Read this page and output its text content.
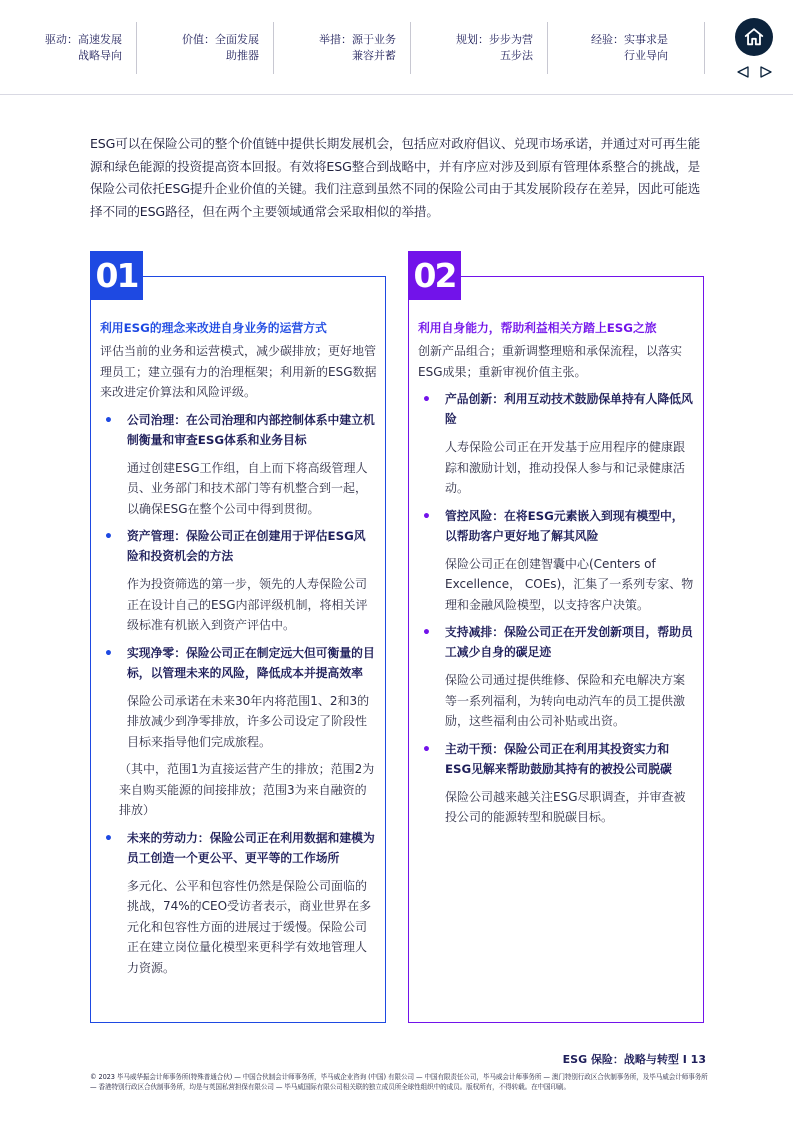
驱动：高速发展
战略导向
价值：全面发展
助推器
举措：源于业务
兼容并蓄
规划：步步为营
五步法
经验：实事求是
行业导向

ESG可以在保险公司的整个价值链中提供长期发展机会，包括应对政府倡议、兑现市场承诺，并通过对可再生能源和绿色能源的投资提高资本回报。有效将ESG整合到战略中，并有序应对涉及到原有管理体系整合的挑战，是保险公司依托ESG提升企业价值的关键。我们注意到虽然不同的保险公司由于其发展阶段存在差异，因此可能选择不同的ESG路径，但在两个主要领域通常会采取相似的举措。

01

利用ESG的理念来改进自身业务的运营方式

评估当前的业务和运营模式，减少碳排放；更好地管理员工；建立强有力的治理框架；利用新的ESG数据来改进定价算法和风险评级。

• 公司治理：在公司治理和内部控制体系中建立机制衡量和审查ESG体系和业务目标

通过创建ESG工作组，自上而下将高级管理人员、业务部门和技术部门等有机整合到一起，以确保ESG在整个公司中得到贯彻。

• 资产管理：保险公司正在创建用于评估ESG风险和投资机会的方法

作为投资筛选的第一步，领先的人寿保险公司正在设计自己的ESG内部评级机制，将相关评级标准有机嵌入到资产评估中。

• 实现净零：保险公司正在制定远大但可衡量的目标，以管理未来的风险，降低成本并提高效率

保险公司承诺在未来30年内将范围1、2和3的排放减少到净零排放，许多公司设定了阶段性目标来指导他们完成旅程。

（其中，范围1为直接运营产生的排放；范围2为来自购买能源的间接排放；范围3为来自融资的排放）

• 未来的劳动力：保险公司正在利用数据和建模为员工创造一个更公平、更平等的工作场所

多元化、公平和包容性仍然是保险公司面临的挑战，74%的CEO受访者表示，商业世界在多元化和包容性方面的进展过于缓慢。保险公司正在建立岗位量化模型来更科学有效地管理人力资源。

02

利用自身能力，帮助利益相关方踏上ESG之旅

创新产品组合；重新调整理赔和承保流程，以落实ESG成果；重新审视价值主张。

• 产品创新：利用互动技术鼓励保单持有人降低风险

人寿保险公司正在开发基于应用程序的健康跟踪和激励计划，推动投保人参与和记录健康活动。

• 管控风险：在将ESG元素嵌入到现有模型中，以帮助客户更好地了解其风险

保险公司正在创建智囊中心(Centers of Excellence， COEs)，汇集了一系列专家、物理和金融风险模型，以支持客户决策。

• 支持减排：保险公司正在开发创新项目，帮助员工减少自身的碳足迹

保险公司通过提供维修、保险和充电解决方案等一系列福利，为转向电动汽车的员工提供激励，这些福利由公司补贴或出资。

• 主动干预：保险公司正在利用其投资实力和ESG见解来帮助鼓励其持有的被投公司脱碳

保险公司越来越关注ESG尽职调查，并审查被投公司的能源转型和脱碳目标。

ESG 保险：战略与转型 I 13

© 2023 毕马威华振会计师事务所(特殊普通合伙) — 中国合伙制会计师事务所，毕马威企业咨询 (中国) 有限公司 — 中国有限责任公司，毕马威会计师事务所 — 澳门特别行政区合伙制事务所，及毕马威会计师事务所 — 香港特别行政区合伙制事务所，均是与英国私营担保有限公司 — 毕马威国际有限公司相关联的独立成员所全球性组织中的成员。版权所有，不得转载。在中国印刷。
